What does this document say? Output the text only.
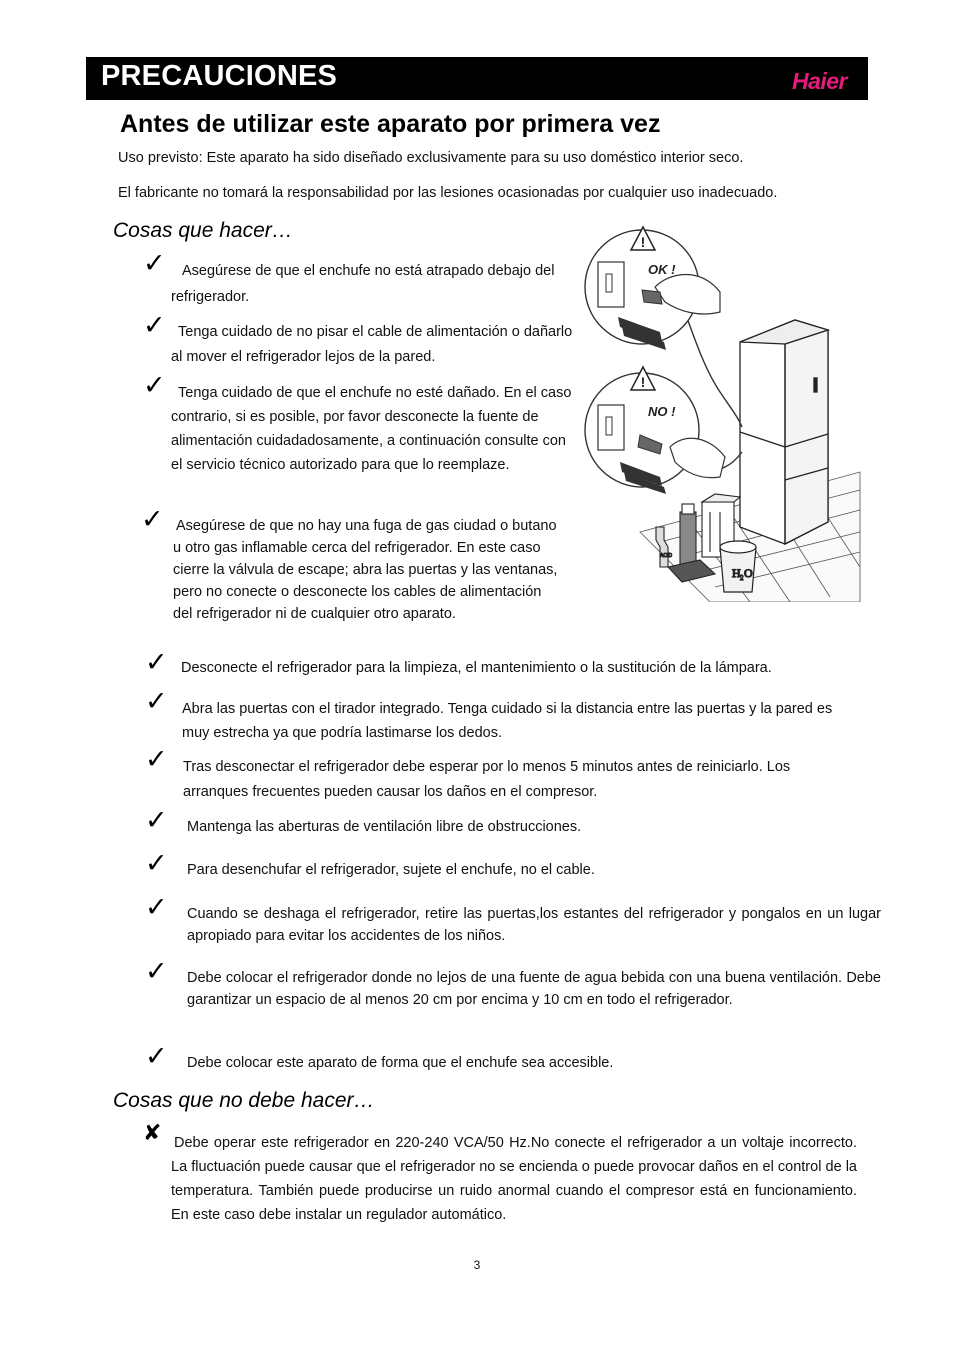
PRECAUCIONES	Haier
Antes de utilizar este aparato por primera vez
Uso previsto: Este aparato ha sido diseñado exclusivamente para su uso doméstico interior seco.
El fabricante no tomará la responsabilidad por las lesiones ocasionadas por cualquier uso inadecuado.
Cosas que hacer…
✓	Asegúrese de que el enchufe no está atrapado debajo del refrigerador.
✓ Tenga cuidado de no pisar el cable de alimentación o dañarlo al mover el refrigerador lejos de la pared.
✓ Tenga cuidado de que el enchufe no esté dañado. En el caso contrario, si es posible, por favor desconecte la fuente de alimentación cuidadadosamente, a continuación consulte con el servicio técnico autorizado para que lo reemplaze.
✓ Asegúrese de que no hay una fuga de gas ciudad o butano u otro gas inflamable cerca del refrigerador. En este caso cierre la válvula de escape; abra las puertas y las ventanas, pero no conecte o desconecte los cables de alimentación del refrigerador ni de cualquier otro aparato.
✓ Desconecte el refrigerador para la limpieza, el mantenimiento o la sustitución de la lámpara.
✓ Abra las puertas con el tirador integrado. Tenga cuidado si la distancia entre las puertas y la pared es muy estrecha ya que podría lastimarse los dedos.
✓ Tras desconectar el refrigerador debe esperar por lo menos 5 minutos antes de reiniciarlo. Los arranques frecuentes pueden causar los daños en el compresor.
✓ Mantenga las aberturas de ventilación libre de obstrucciones.
✓ Para desenchufar el refrigerador, sujete el enchufe, no el cable.
✓ Cuando se deshaga el refrigerador, retire las puertas,los estantes del refrigerador y pongalos en un lugar apropiado para evitar los accidentes de los niños.
✓ Debe colocar el refrigerador donde no lejos de una fuente de agua bebida con una buena ventilación. Debe garantizar un espacio de al menos 20 cm por encima y 10 cm en todo el refrigerador.
✓ Debe colocar este aparato de forma que el enchufe sea accesible.
Cosas que no debe hacer…
✘ Debe operar este refrigerador en 220-240 VCA/50 Hz.No conecte el refrigerador a un voltaje incorrecto. La fluctuación puede causar que el refrigerador no se encienda o puede provocar daños en el control de la temperatura. También puede producirse un ruido anormal cuando el compresor está en funcionamiento. En este caso debe instalar un regulador automático.
!
OK !
!
NO !
ACID
H 2 O
3
